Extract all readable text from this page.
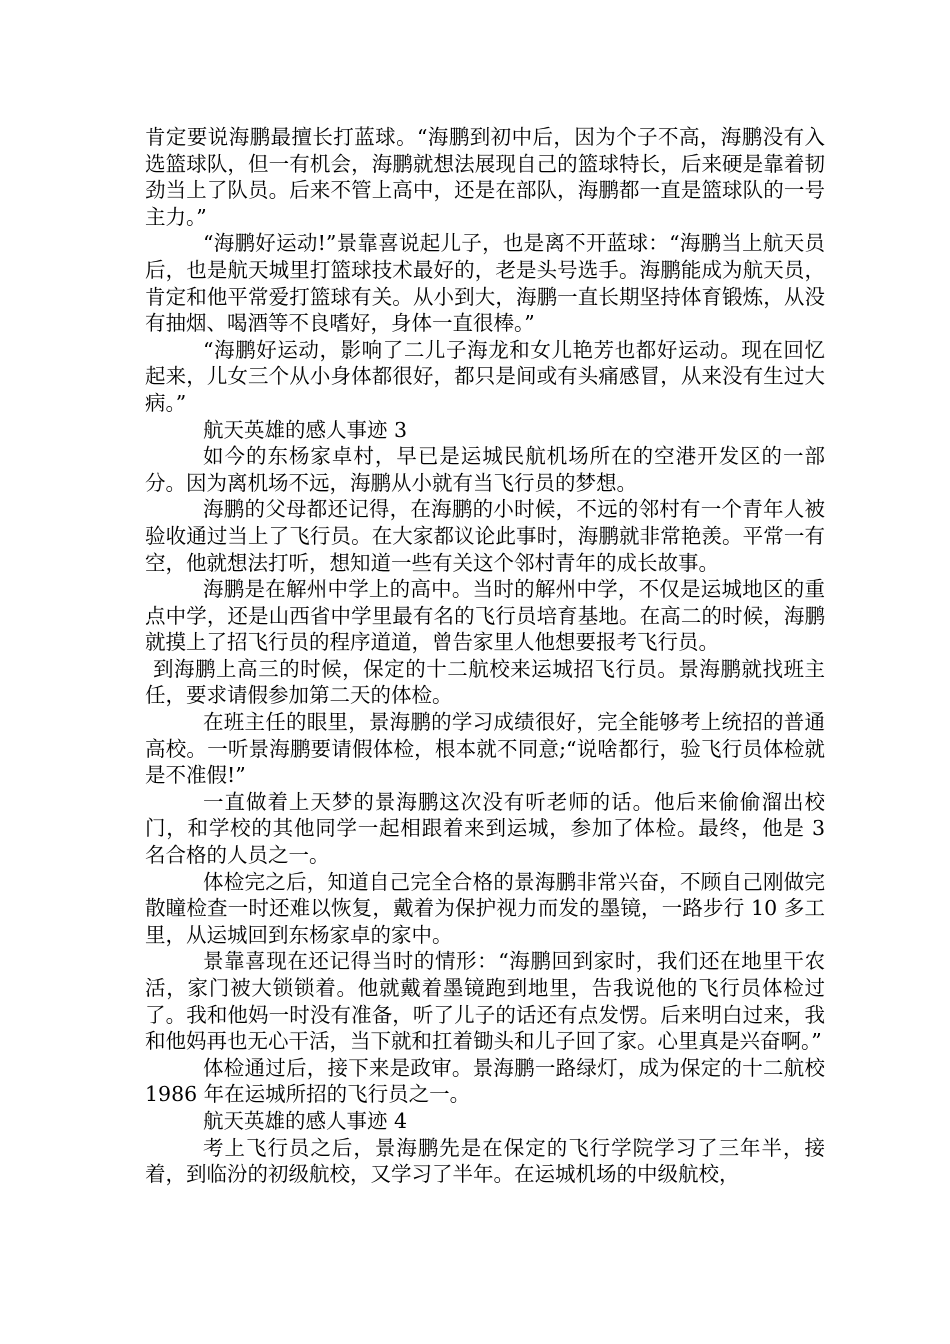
肯定要说海鹏最擅长打蓝球。“海鹏到初中后，因为个子不高，海鹏没有入选篮球队，但一有机会，海鹏就想法展现自己的篮球特长，后来硬是靠着韧劲当上了队员。后来不管上高中，还是在部队，海鹏都一直是篮球队的一号主力。”

“海鹏好运动!”景靠喜说起儿子，也是离不开蓝球：“海鹏当上航天员后，也是航天城里打篮球技术最好的，老是头号选手。海鹏能成为航天员，肯定和他平常爱打篮球有关。从小到大，海鹏一直长期坚持体育锻炼，从没有抽烟、喝酒等不良嗜好，身体一直很棒。”

“海鹏好运动，影响了二儿子海龙和女儿艳芳也都好运动。现在回忆起来，儿女三个从小身体都很好，都只是间或有头痛感冒，从来没有生过大病。”

航天英雄的感人事迹 3

如今的东杨家卓村，早已是运城民航机场所在的空港开发区的一部分。因为离机场不远，海鹏从小就有当飞行员的梦想。

海鹏的父母都还记得，在海鹏的小时候，不远的邻村有一个青年人被验收通过当上了飞行员。在大家都议论此事时，海鹏就非常艳羡。平常一有空，他就想法打听，想知道一些有关这个邻村青年的成长故事。

海鹏是在解州中学上的高中。当时的解州中学，不仅是运城地区的重点中学，还是山西省中学里最有名的飞行员培育基地。在高二的时候，海鹏就摸上了招飞行员的程序道道，曾告家里人他想要报考飞行员。

到海鹏上高三的时候，保定的十二航校来运城招飞行员。景海鹏就找班主任，要求请假参加第二天的体检。

在班主任的眼里，景海鹏的学习成绩很好，完全能够考上统招的普通高校。一听景海鹏要请假体检，根本就不同意;“说啥都行，验飞行员体检就是不准假!”

一直做着上天梦的景海鹏这次没有听老师的话。他后来偷偷溜出校门，和学校的其他同学一起相跟着来到运城，参加了体检。最终，他是 3 名合格的人员之一。

体检完之后，知道自己完全合格的景海鹏非常兴奋，不顾自己刚做完散瞳检查一时还难以恢复，戴着为保护视力而发的墨镜，一路步行 10 多工里，从运城回到东杨家卓的家中。

景靠喜现在还记得当时的情形：“海鹏回到家时，我们还在地里干农活，家门被大锁锁着。他就戴着墨镜跑到地里，告我说他的飞行员体检过了。我和他妈一时没有准备，听了儿子的话还有点发愣。后来明白过来，我和他妈再也无心干活，当下就和扛着锄头和儿子回了家。心里真是兴奋啊。”

体检通过后，接下来是政审。景海鹏一路绿灯，成为保定的十二航校 1986 年在运城所招的飞行员之一。

航天英雄的感人事迹 4

考上飞行员之后，景海鹏先是在保定的飞行学院学习了三年半，接着，到临汾的初级航校，又学习了半年。在运城机场的中级航校，
